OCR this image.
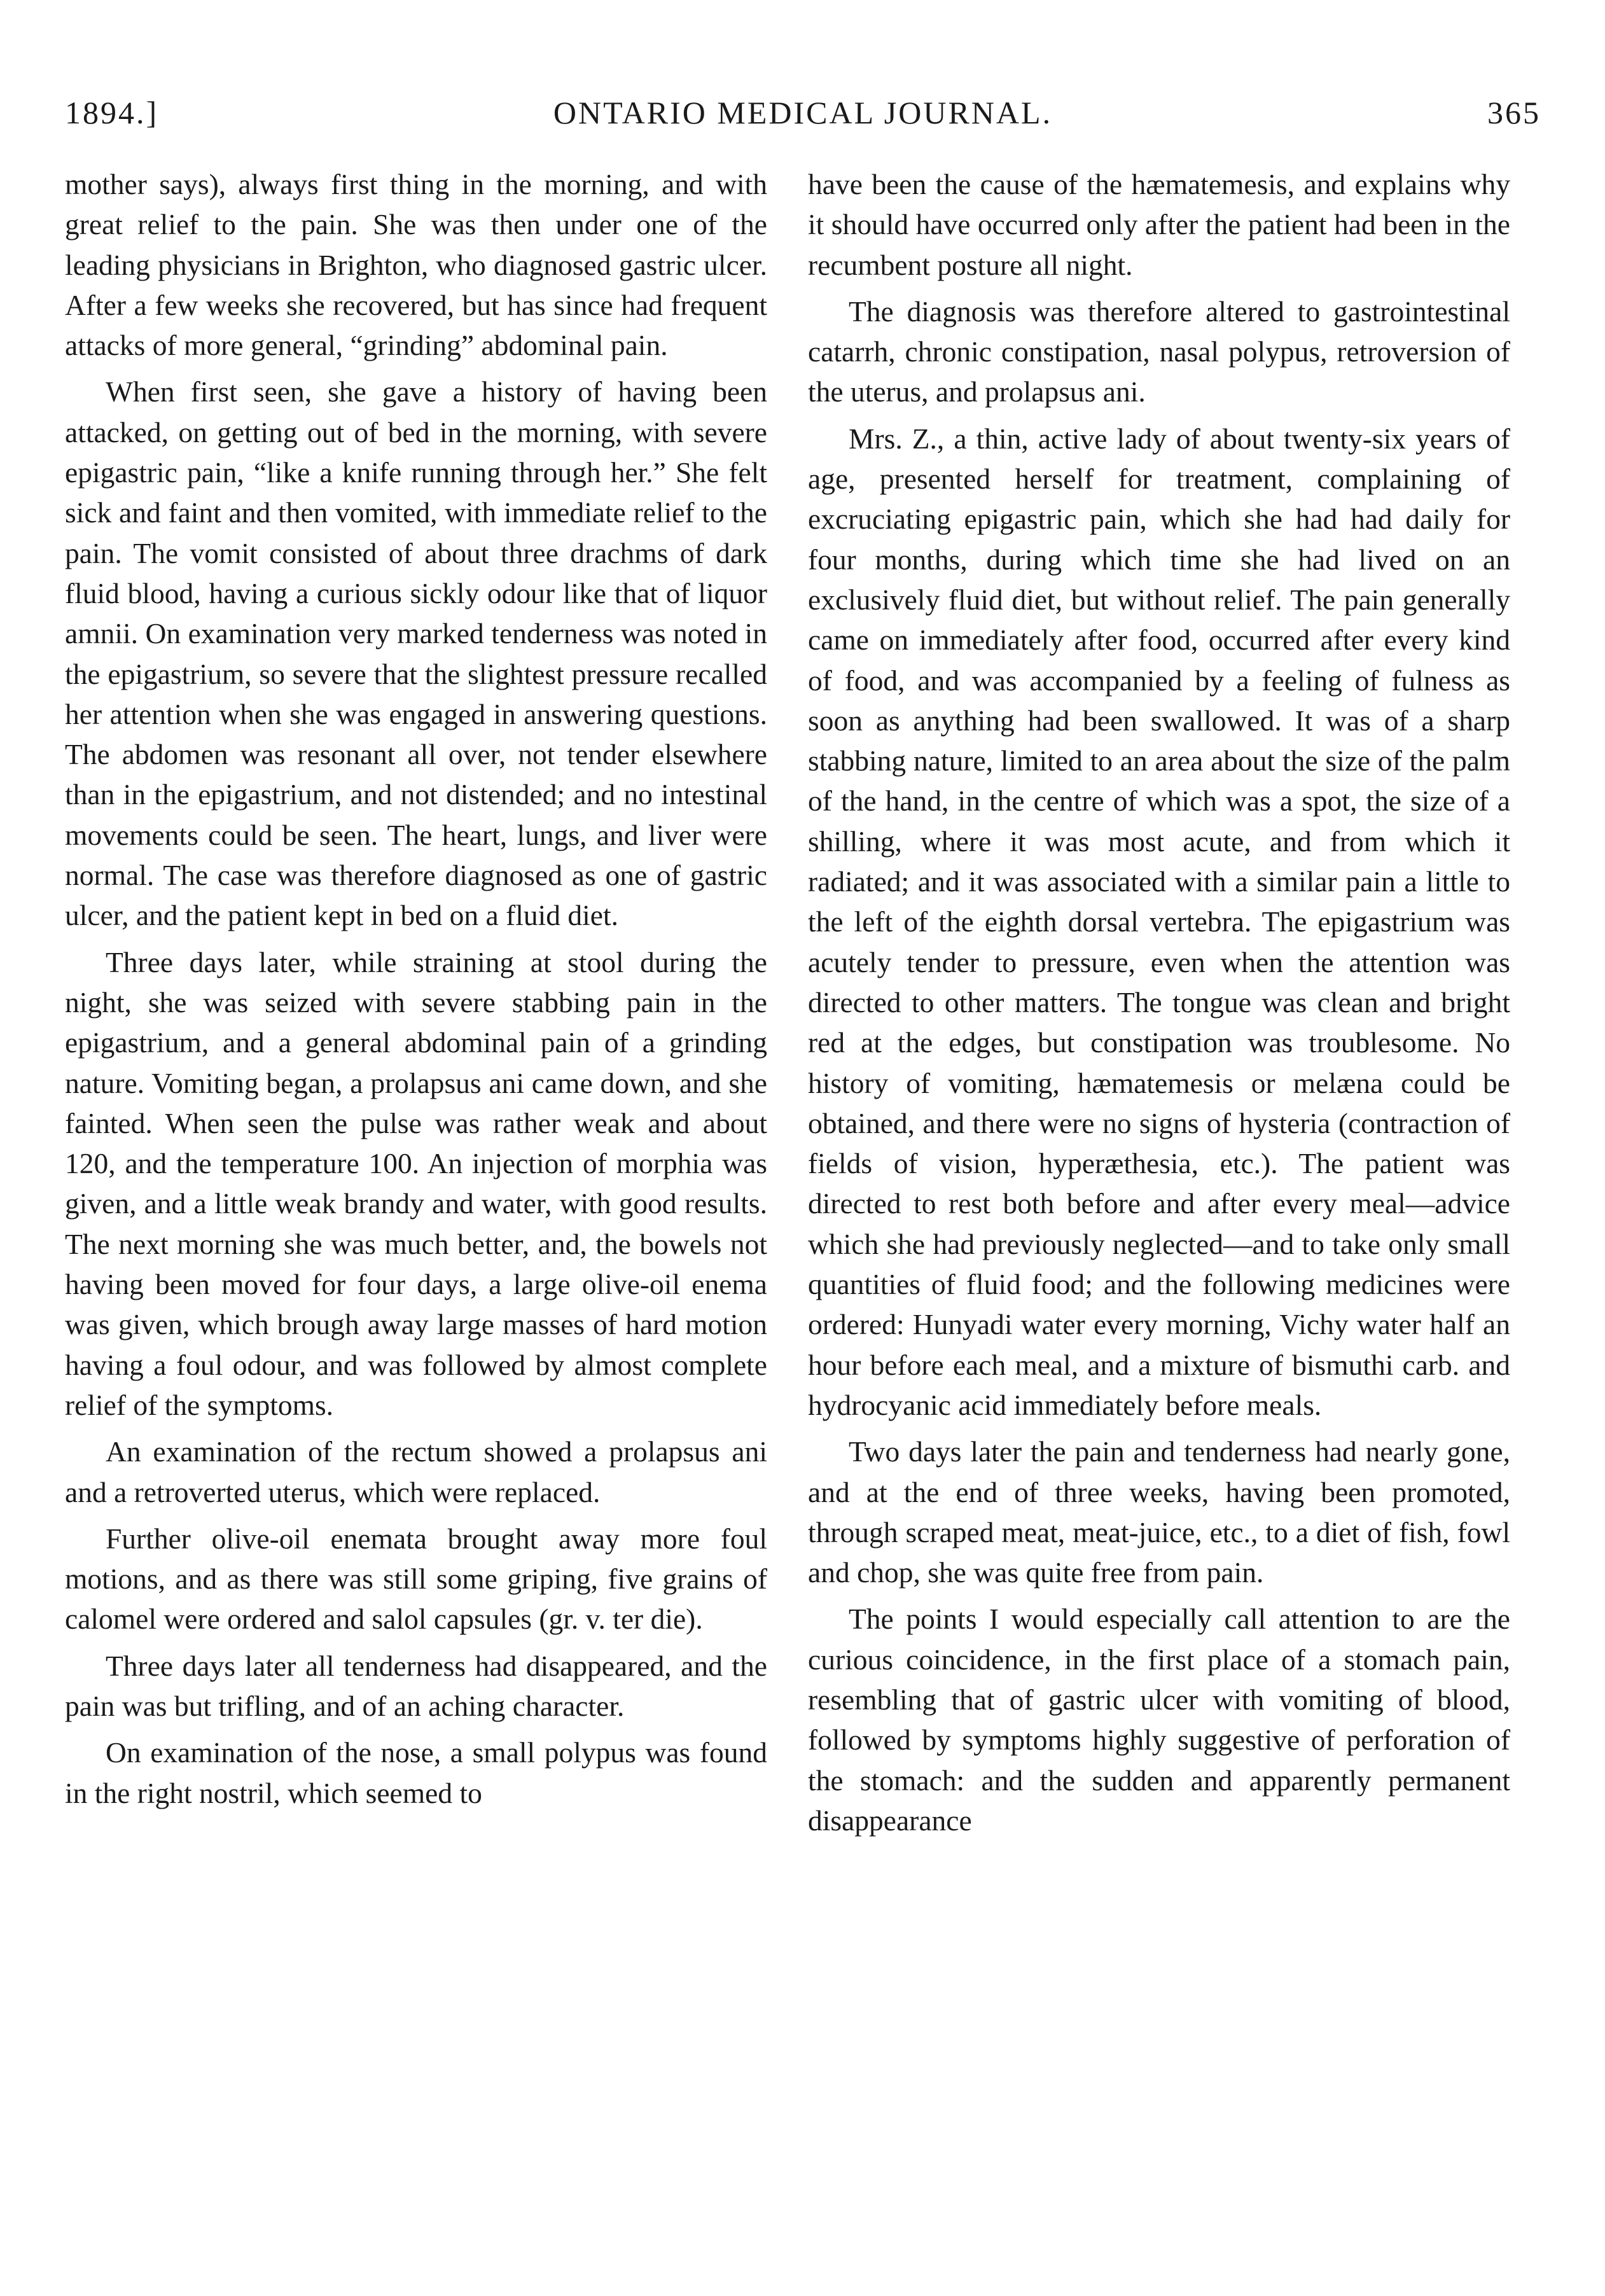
1894.]	ONTARIO MEDICAL JOURNAL.	365

mother says), always first thing in the morning, and with great relief to the pain. She was then under one of the leading physicians in Brighton, who diagnosed gastric ulcer. After a few weeks she recovered, but has since had frequent attacks of more general, “grinding” abdominal pain.

When first seen, she gave a history of having been attacked, on getting out of bed in the morning, with severe epigastric pain, “like a knife running through her.” She felt sick and faint and then vomited, with immediate relief to the pain. The vomit consisted of about three drachms of dark fluid blood, having a curious sickly odour like that of liquor amnii. On examination very marked tenderness was noted in the epigastrium, so severe that the slightest pressure recalled her attention when she was engaged in answering questions. The abdomen was resonant all over, not tender elsewhere than in the epigastrium, and not distended; and no intestinal movements could be seen. The heart, lungs, and liver were normal. The case was therefore diagnosed as one of gastric ulcer, and the patient kept in bed on a fluid diet.

Three days later, while straining at stool during the night, she was seized with severe stabbing pain in the epigastrium, and a general abdominal pain of a grinding nature. Vomiting began, a prolapsus ani came down, and she fainted. When seen the pulse was rather weak and about 120, and the temperature 100. An injection of morphia was given, and a little weak brandy and water, with good results. The next morning she was much better, and, the bowels not having been moved for four days, a large olive-oil enema was given, which brough away large masses of hard motion having a foul odour, and was followed by almost complete relief of the symptoms.

An examination of the rectum showed a prolapsus ani and a retroverted uterus, which were replaced.

Further olive-oil enemata brought away more foul motions, and as there was still some griping, five grains of calomel were ordered and salol capsules (gr. v. ter die).

Three days later all tenderness had disappeared, and the pain was but trifling, and of an aching character.

On examination of the nose, a small polypus was found in the right nostril, which seemed to

have been the cause of the hæmatemesis, and explains why it should have occurred only after the patient had been in the recumbent posture all night.

The diagnosis was therefore altered to gastrointestinal catarrh, chronic constipation, nasal polypus, retroversion of the uterus, and prolapsus ani.

Mrs. Z., a thin, active lady of about twenty-six years of age, presented herself for treatment, complaining of excruciating epigastric pain, which she had had daily for four months, during which time she had lived on an exclusively fluid diet, but without relief. The pain generally came on immediately after food, occurred after every kind of food, and was accompanied by a feeling of fulness as soon as anything had been swallowed. It was of a sharp stabbing nature, limited to an area about the size of the palm of the hand, in the centre of which was a spot, the size of a shilling, where it was most acute, and from which it radiated; and it was associated with a similar pain a little to the left of the eighth dorsal vertebra. The epigastrium was acutely tender to pressure, even when the attention was directed to other matters. The tongue was clean and bright red at the edges, but constipation was troublesome. No history of vomiting, hæmatemesis or melæna could be obtained, and there were no signs of hysteria (contraction of fields of vision, hyperæthesia, etc.). The patient was directed to rest both before and after every meal—advice which she had previously neglected—and to take only small quantities of fluid food; and the following medicines were ordered: Hunyadi water every morning, Vichy water half an hour before each meal, and a mixture of bismuthi carb. and hydrocyanic acid immediately before meals.

Two days later the pain and tenderness had nearly gone, and at the end of three weeks, having been promoted, through scraped meat, meat-juice, etc., to a diet of fish, fowl and chop, she was quite free from pain.

The points I would especially call attention to are the curious coincidence, in the first place of a stomach pain, resembling that of gastric ulcer with vomiting of blood, followed by symptoms highly suggestive of perforation of the stomach: and the sudden and apparently permanent disappearance
